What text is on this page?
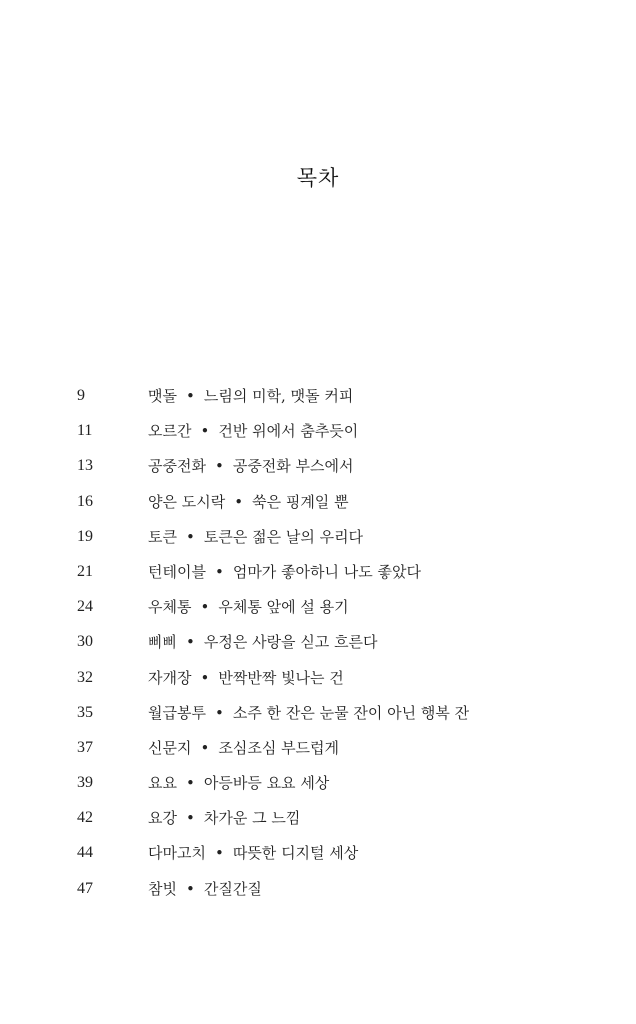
목차
9	맷돌 • 느림의 미학, 맷돌 커피
11	오르간 • 건반 위에서 춤추듯이
13	공중전화 • 공중전화 부스에서
16	양은 도시락 • 쑥은 핑계일 뿐
19	토큰 • 토큰은 젊은 날의 우리다
21	턴테이블 • 엄마가 좋아하니 나도 좋았다
24	우체통 • 우체통 앞에 설 용기
30	삐삐 • 우정은 사랑을 싣고 흐른다
32	자개장 • 반짝반짝 빛나는 건
35	월급봉투 • 소주 한 잔은 눈물 잔이 아닌 행복 잔
37	신문지 • 조심조심 부드럽게
39	요요 • 아등바등 요요 세상
42	요강 • 차가운 그 느낌
44	다마고치 • 따뜻한 디지털 세상
47	참빗 • 간질간질
